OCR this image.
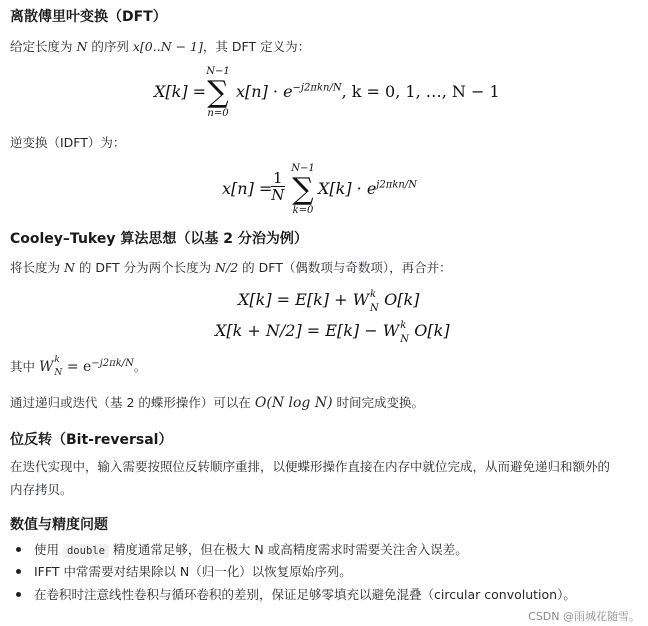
离散傅里叶变换（DFT）
给定长度为 N 的序列 x[0..N − 1]，其 DFT 定义为：
X[k] =
N−1
∑
n=0
$x[n] \cdot e^{-j2\pi kn/N}$, k = 0, 1, …, N − 1
逆变换（IDFT）为：
x[n] =
$\frac{1}{N}$
N−1
∑
k=0
$X[k] \cdot e^{j2\pi kn/N}$
Cooley–Tukey 算法思想（以基 2 分治为例）
将长度为 N 的 DFT 分为两个长度为 N/2 的 DFT（偶数项与奇数项），再合并：
X[k] = E[k] + W k
N O[k]
X[k + N/2] = E[k] − W k
N O[k]
其中 W k
$N = e^{-j2\pi k/N}$。
通过递归或迭代（基 2 的蝶形操作）可以在 O(N log N) 时间完成变换。
位反转（Bit-reversal）
在迭代实现中，输入需要按照位反转顺序重排，以便蝶形操作直接在内存中就位完成，从而避免递归和额外的
内存拷贝。
数值与精度问题
使用 double 精度通常足够，但在极大 N 或高精度需求时需要关注舍入误差。
IFFT 中常需要对结果除以 N（归一化）以恢复原始序列。
在卷积时注意线性卷积与循环卷积的差别，保证足够零填充以避免混叠（circular convolution）。
CSDN @雨城花随雪。
